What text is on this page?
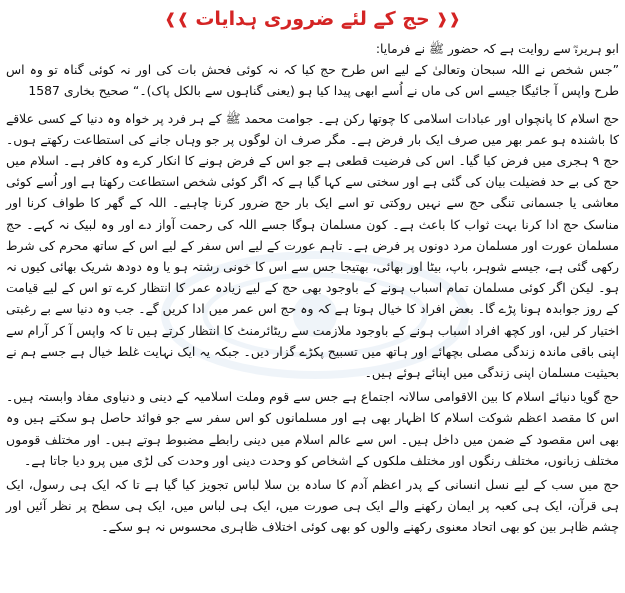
❰❰
حج کے لئے ضروری ہدایات
❱❱

ابو ہریرہؓ سے روایت ہے کہ حضور ﷺ نے فرمایا:

”جس شخص نے اللہ سبحان وتعالیٰ کے لیے اس طرح حج کیا کہ نہ کوئی فحش بات کی اور نہ کوئی گناہ تو وہ اس طرح واپس آ جائیگا جیسے اس کی ماں نے اُسے ابھی پیدا کیا ہو (یعنی گناہوں سے بالکل پاک)۔“ صحیح بخاری 1587

حج اسلام کا پانچواں اور عبادات اسلامی کا چوتھا رکن ہے۔ جوامت محمد ﷺ کے ہر فرد پر خواہ وہ دنیا کے کسی علاقے کا باشندہ ہو عمر بھر میں صرف ایک بار فرض ہے۔ مگر صرف ان لوگوں پر جو وہاں جانے کی استطاعت رکھتے ہوں۔ حج ۹ ہجری میں فرض کیا گیا۔ اس کی فرضیت قطعی ہے جو اس کے فرض ہونے کا انکار کرے وہ کافر ہے۔ اسلام میں حج کی بے حد فضیلت بیان کی گئی ہے اور سختی سے کہا گیا ہے کہ اگر کوئی شخص استطاعت رکھتا ہے اور اُسے کوئی معاشی یا جسمانی تنگی حج سے نہیں روکتی تو اسے ایک بار حج ضرور کرنا چاہیے۔ اللہ کے گھر کا طواف کرنا اور مناسک حج ادا کرنا بہت ثواب کا باعث ہے۔ کون مسلمان ہوگا جسے اللہ کی رحمت آواز دے اور وہ لبیک نہ کہے۔ حج مسلمان عورت اور مسلمان مرد دونوں پر فرض ہے۔ تاہم عورت کے لیے اس سفر کے لیے اس کے ساتھ محرم کی شرط رکھی گئی ہے، جیسے شوہر، باپ، بیٹا اور بھائی، بھتیجا جس سے اس کا خونی رشتہ ہو یا وہ دودھ شریک بھائی کیوں نہ ہو۔ لیکن اگر کوئی مسلمان تمام اسباب ہونے کے باوجود بھی حج کے لیے زیادہ عمر کا انتظار کرے تو اس کے لیے قیامت کے روز جوابدہ ہونا پڑے گا۔ بعض افراد کا خیال ہوتا ہے کہ وہ حج اس عمر میں ادا کریں گے۔ جب وہ دنیا سے بے رغبتی اختیار کر لیں، اور کچھ افراد اسباب ہونے کے باوجود ملازمت سے ریٹائرمنٹ کا انتظار کرتے ہیں تا کہ واپس آ کر آرام سے اپنی باقی ماندہ زندگی مصلی بچھائے اور ہاتھ میں تسبیح پکڑے گزار دیں۔ جبکہ یہ ایک نہایت غلط خیال ہے جسے ہم نے بحیثیت مسلمان اپنی زندگی میں اپنائے ہوئے ہیں۔

حج گویا دنیائے اسلام کا بین الاقوامی سالانہ اجتماع ہے جس سے قوم وملت اسلامیہ کے دینی و دنیاوی مفاد وابستہ ہیں۔ اس کا مقصد اعظم شوکت اسلام کا اظہار بھی ہے اور مسلمانوں کو اس سفر سے جو فوائد حاصل ہو سکتے ہیں وہ بھی اس مقصود کے ضمن میں داخل ہیں۔ اس سے عالم اسلام میں دینی رابطے مضبوط ہوتے ہیں۔ اور مختلف قوموں مختلف زبانوں، مختلف رنگوں اور مختلف ملکوں کے اشخاص کو وحدت دینی اور وحدت کی لڑی میں پرو دیا جاتا ہے۔

حج میں سب کے لیے نسل انسانی کے پدر اعظم آدم کا سادہ بن سلا لباس تجویز کیا گیا ہے تا کہ ایک ہی رسول، ایک ہی قرآن، ایک ہی کعبہ پر ایمان رکھنے والے ایک ہی صورت میں، ایک ہی لباس میں، ایک ہی سطح پر نظر آئیں اور چشم ظاہر بین کو بھی اتحاد معنوی رکھنے والوں کو بھی کوئی اختلاف ظاہری محسوس نہ ہو سکے۔
